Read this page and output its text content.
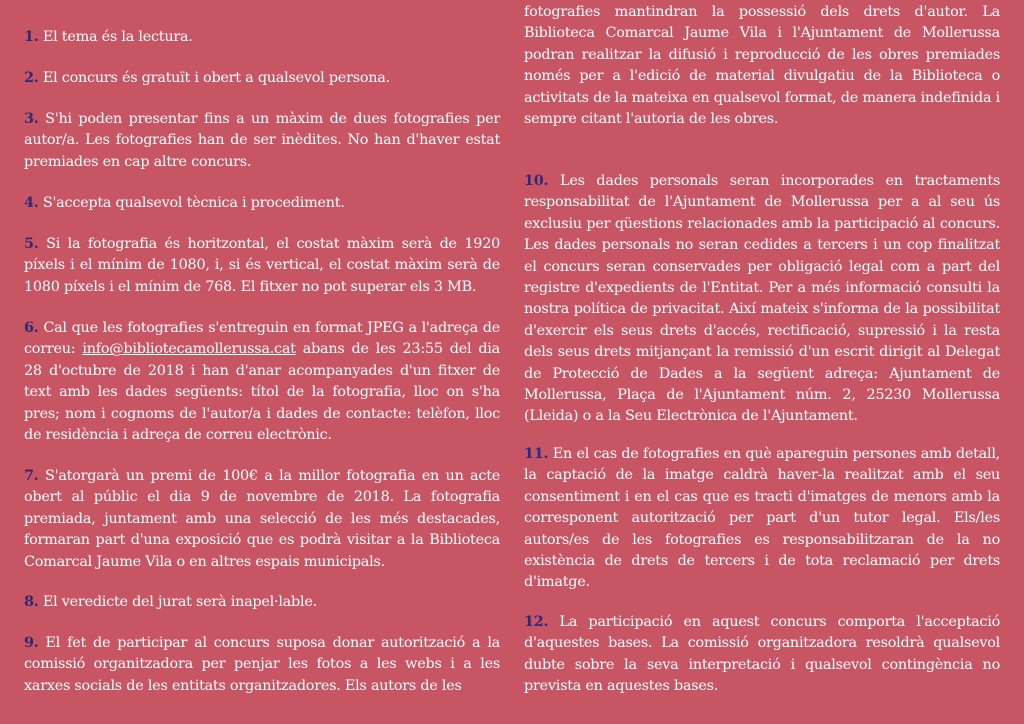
1. El tema és la lectura.

2. El concurs és gratuït i obert a qualsevol persona.

3. S'hi poden presentar fins a un màxim de dues fotografies per autor/a. Les fotografies han de ser inèdites. No han d'haver estat premiades en cap altre concurs.

4. S'accepta qualsevol tècnica i procediment.

5. Si la fotografia és horitzontal, el costat màxim serà de 1920 píxels i el mínim de 1080, i, si és vertical, el costat màxim serà de 1080 píxels i el mínim de 768. El fitxer no pot superar els 3 MB.

6. Cal que les fotografies s'entreguin en format JPEG a l'adreça de correu: info@bibliotecamollerussa.cat abans de les 23:55 del dia 28 d'octubre de 2018 i han d'anar acompanyades d'un fitxer de text amb les dades següents: títol de la fotografia, lloc on s'ha pres; nom i cognoms de l'autor/a i dades de contacte: telèfon, lloc de residència i adreça de correu electrònic.

7. S'atorgarà un premi de 100€ a la millor fotografia en un acte obert al públic el dia 9 de novembre de 2018. La fotografia premiada, juntament amb una selecció de les més destacades, formaran part d'una exposició que es podrà visitar a la Biblioteca Comarcal Jaume Vila o en altres espais municipals.

8. El veredicte del jurat serà inapel·lable.

9. El fet de participar al concurs suposa donar autorització a la comissió organitzadora per penjar les fotos a les webs i a les xarxes socials de les entitats organitzadores. Els autors de les

fotografies mantindran la possessió dels drets d'autor. La Biblioteca Comarcal Jaume Vila i l'Ajuntament de Mollerussa podran realitzar la difusió i reproducció de les obres premiades només per a l'edició de material divulgatiu de la Biblioteca o activitats de la mateixa en qualsevol format, de manera indefinida i sempre citant l'autoria de les obres.

10. Les dades personals seran incorporades en tractaments responsabilitat de l'Ajuntament de Mollerussa per a al seu ús exclusiu per qüestions relacionades amb la participació al concurs. Les dades personals no seran cedides a tercers i un cop finalitzat el concurs seran conservades per obligació legal com a part del registre d'expedients de l'Entitat. Per a més informació consulti la nostra política de privacitat. Així mateix s'informa de la possibilitat d'exercir els seus drets d'accés, rectificació, supressió i la resta dels seus drets mitjançant la remissió d'un escrit dirigit al Delegat de Protecció de Dades a la següent adreça: Ajuntament de Mollerussa, Plaça de l'Ajuntament núm. 2, 25230 Mollerussa (Lleida) o a la Seu Electrònica de l'Ajuntament.

11. En el cas de fotografies en què apareguin persones amb detall, la captació de la imatge caldrà haver-la realitzat amb el seu consentiment i en el cas que es tracti d'imatges de menors amb la corresponent autorització per part d'un tutor legal. Els/les autors/es de les fotografies es responsabilitzaran de la no existència de drets de tercers i de tota reclamació per drets d'imatge.

12. La participació en aquest concurs comporta l'acceptació d'aquestes bases. La comissió organitzadora resoldrà qualsevol dubte sobre la seva interpretació i qualsevol contingència no prevista en aquestes bases.
